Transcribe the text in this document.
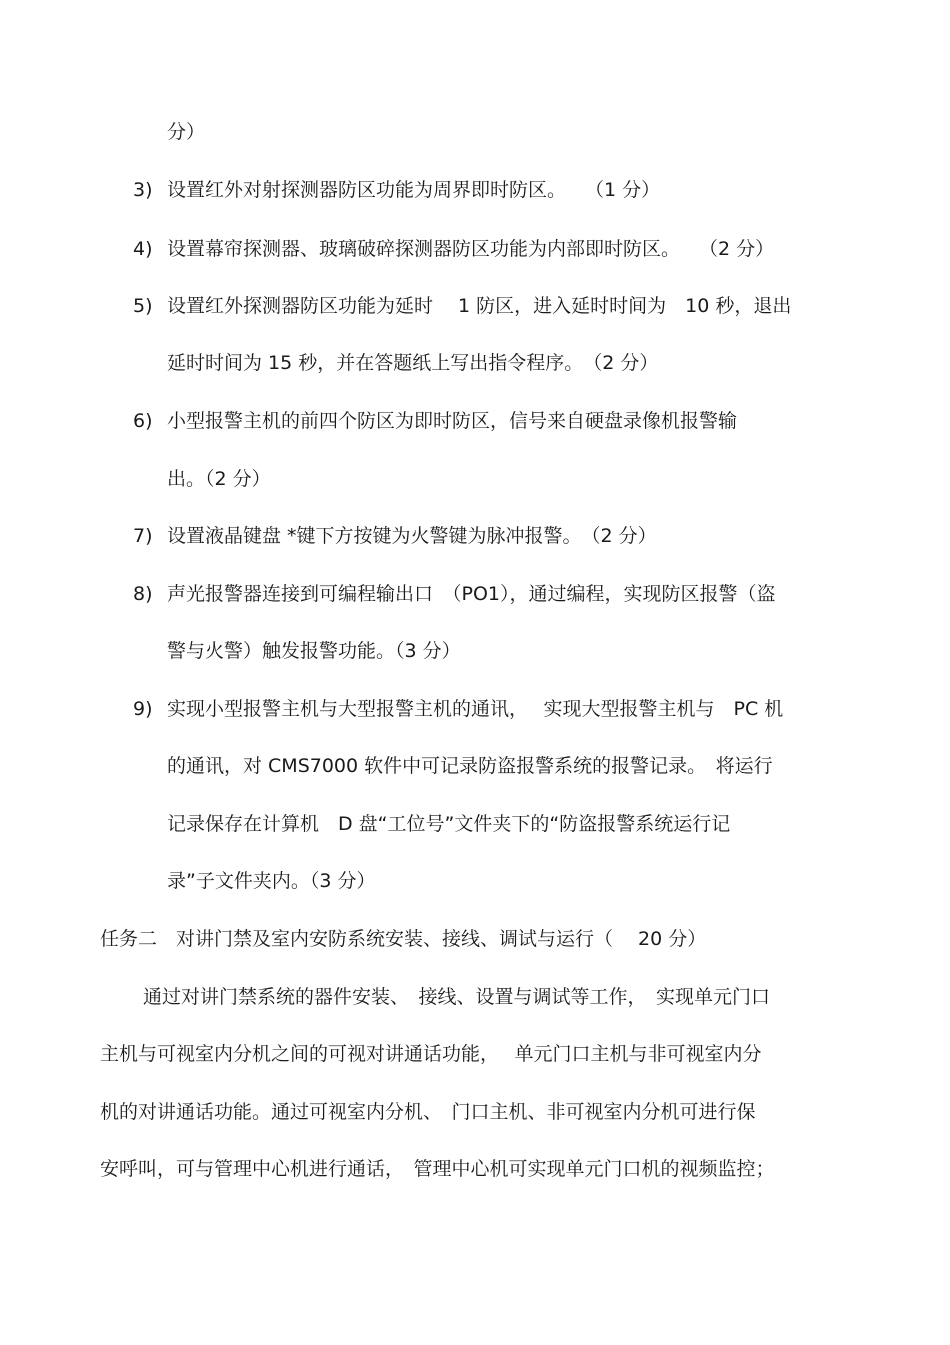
分）
3) 设置红外对射探测器防区功能为周界即时防区。　　（1 分）
4) 设置幕帘探测器、玻璃破碎探测器防区功能为内部即时防区。　　（2 分）
5) 设置红外探测器防区功能为延时　 1 防区，进入延时时间为　10 秒，退出
延时时间为 15 秒，并在答题纸上写出指令程序。　（2 分）
6) 小型报警主机的前四个防区为即时防区，信号来自硬盘录像机报警输
出。（2 分）
7) 设置液晶键盘 *键下方按键为火警键为脉冲报警。　（2 分）
8) 声光报警器连接到可编程输出口　（PO1），通过编程，实现防区报警（盗
警与火警）触发报警功能。（3 分）
9) 实现小型报警主机与大型报警主机的通讯，　 实现大型报警主机与　PC 机
的通讯，对 CMS7000 软件中可记录防盗报警系统的报警记录。　将运行
记录保存在计算机　D 盘“工位号”文件夹下的“防盗报警系统运行记
录”子文件夹内。（3 分）
任务二　对讲门禁及室内安防系统安装、接线、调试与运行（　 20 分）
通过对讲门禁系统的器件安装、　接线、设置与调试等工作，　实现单元门口
主机与可视室内分机之间的可视对讲通话功能，　 单元门口主机与非可视室内分
机的对讲通话功能。通过可视室内分机、　门口主机、非可视室内分机可进行保
安呼叫，可与管理中心机进行通话，　管理中心机可实现单元门口机的视频监控；
